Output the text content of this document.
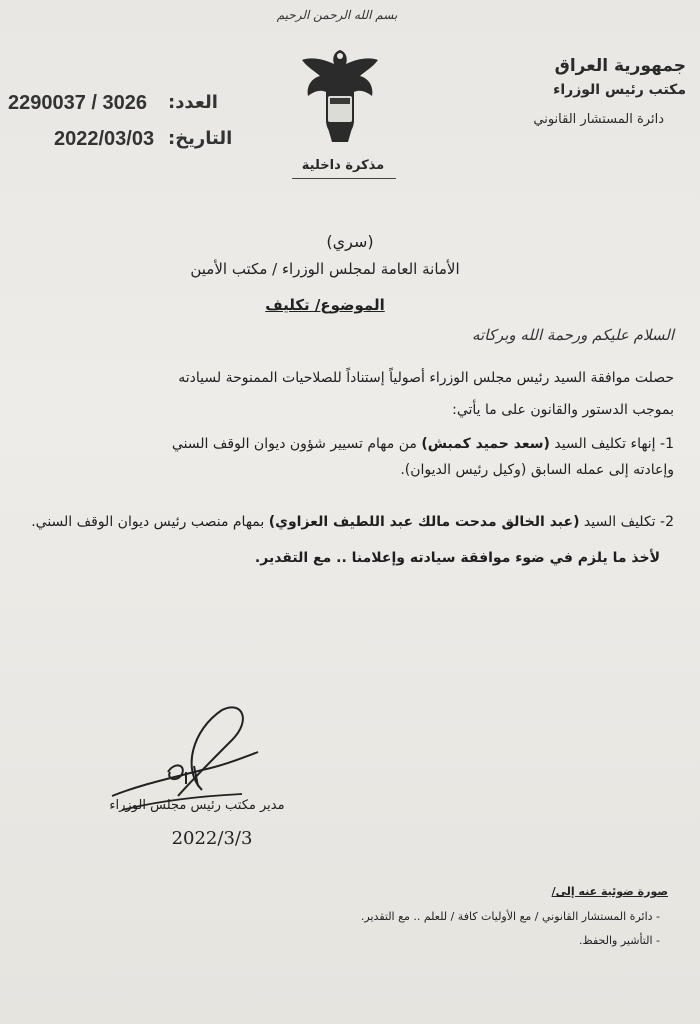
بسم الله الرحمن الرحيم
مذكرة داخلية
جمهورية العراق
مكتب رئيس الوزراء
دائرة المستشار القانوني
العدد:
2290037 / 3026
التاريخ:
2022/03/03
(سري)
الأمانة العامة لمجلس الوزراء / مكتب الأمين
الموضوع/ تكليف
السلام عليكم ورحمة الله وبركاته
حصلت موافقة السيد رئيس مجلس الوزراء أصولياً إستناداً للصلاحيات الممنوحة لسيادته
بموجب الدستور والقانون على ما يأتي:
1- إنهاء تكليف السيد (سعد حميد كمبش) من مهام تسيير شؤون ديوان الوقف السني
وإعادته إلى عمله السابق (وكيل رئيس الديوان).
2- تكليف السيد (عبد الخالق مدحت مالك عبد اللطيف العزاوي) بمهام منصب رئيس ديوان الوقف السني.
لأخذ ما يلزم في ضوء موافقة سيادته وإعلامنا .. مع التقدير.
مدير مكتب رئيس مجلس الوزراء
2022/3/3
صورة ضوئية عنه إلى/
- دائرة المستشار القانوني / مع الأوليات كافة / للعلم .. مع التقدير.
- التأشير والحفظ.
